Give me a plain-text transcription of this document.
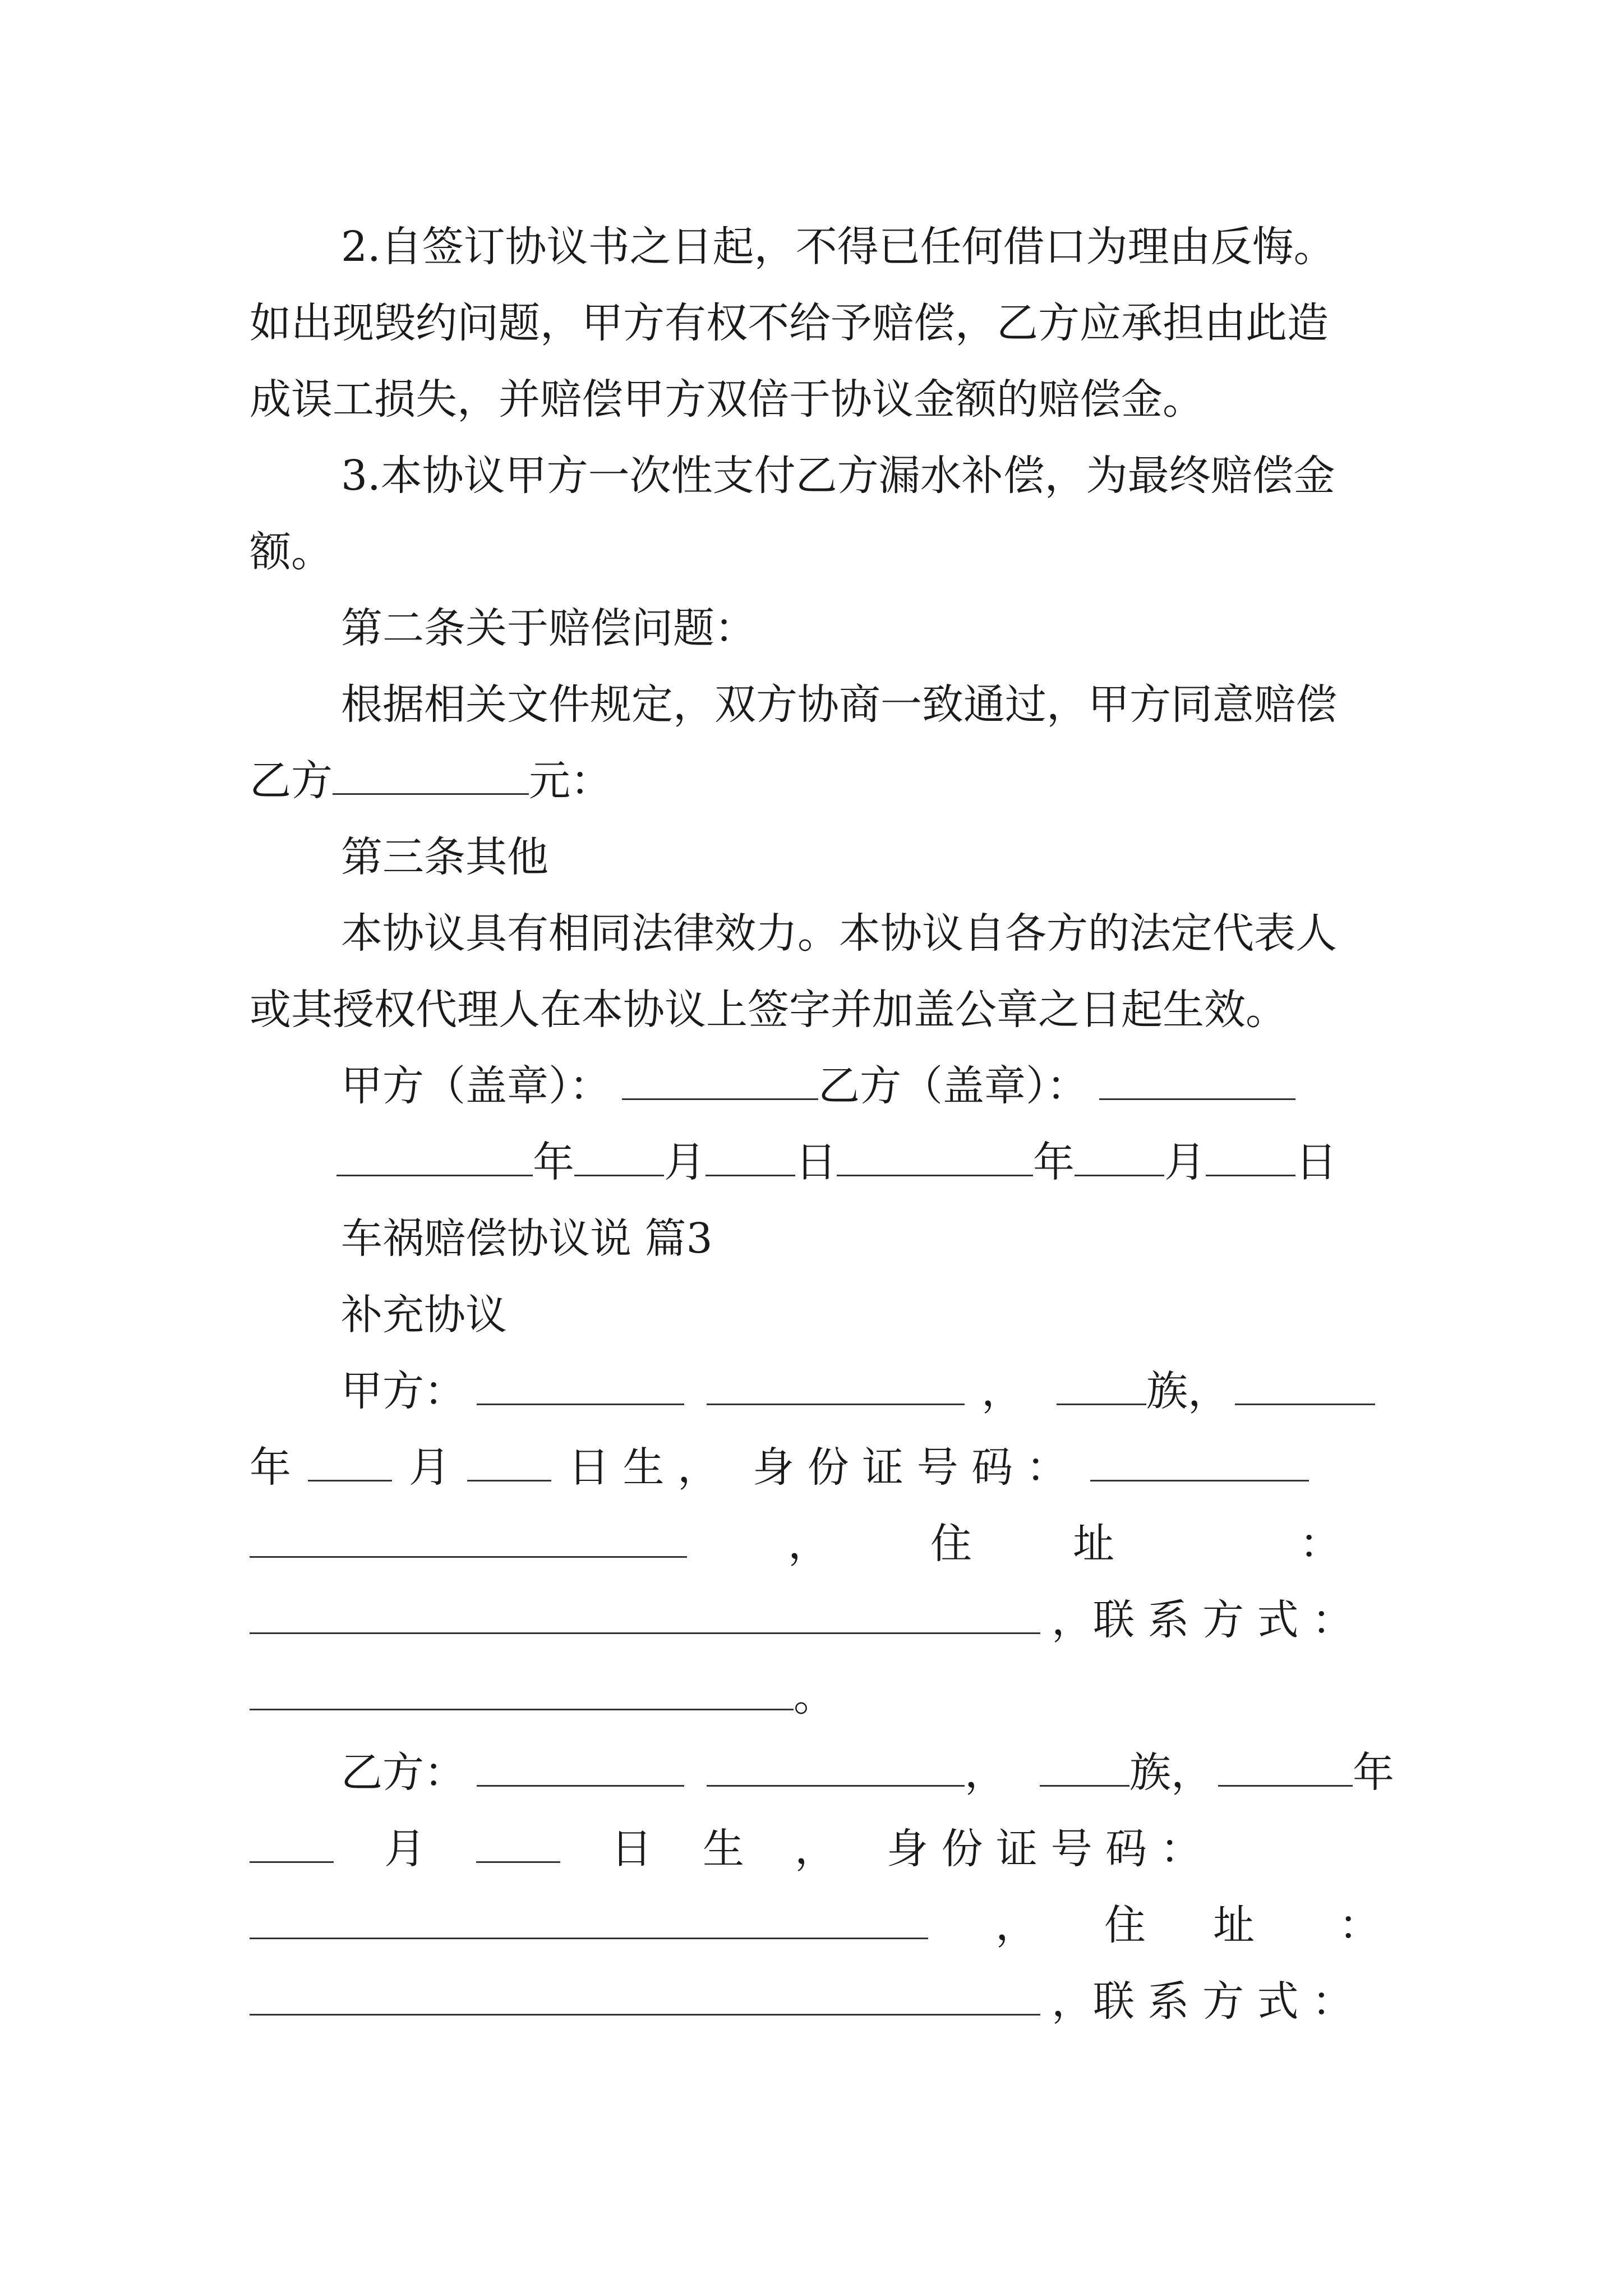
2.自签订协议书之日起，不得已任何借口为理由反悔。
如出现毁约问题，甲方有权不给予赔偿，乙方应承担由此造
成误工损失，并赔偿甲方双倍于协议金额的赔偿金。
3.本协议甲方一次性支付乙方漏水补偿，为最终赔偿金
额。
第二条关于赔偿问题：
根据相关文件规定，双方协商一致通过，甲方同意赔偿
乙方	元：
第三条其他
本协议具有相同法律效力。本协议自各方的法定代表人
或其授权代理人在本协议上签字并加盖公章之日起生效。
甲方（盖章）：	乙方（盖章）：
年 月 日	年 月 日
车祸赔偿协议说 篇3
补充协议
甲方：	，	族，
年	月	日 生 ， 身 份 证 号 码 ：
， 住 址	：
，联 系 方 式 ：
。
乙方：	，	族，	年
月	日 生 ， 身 份 证 号 码 ：
， 住 址 ：
，联 系 方 式 ：
